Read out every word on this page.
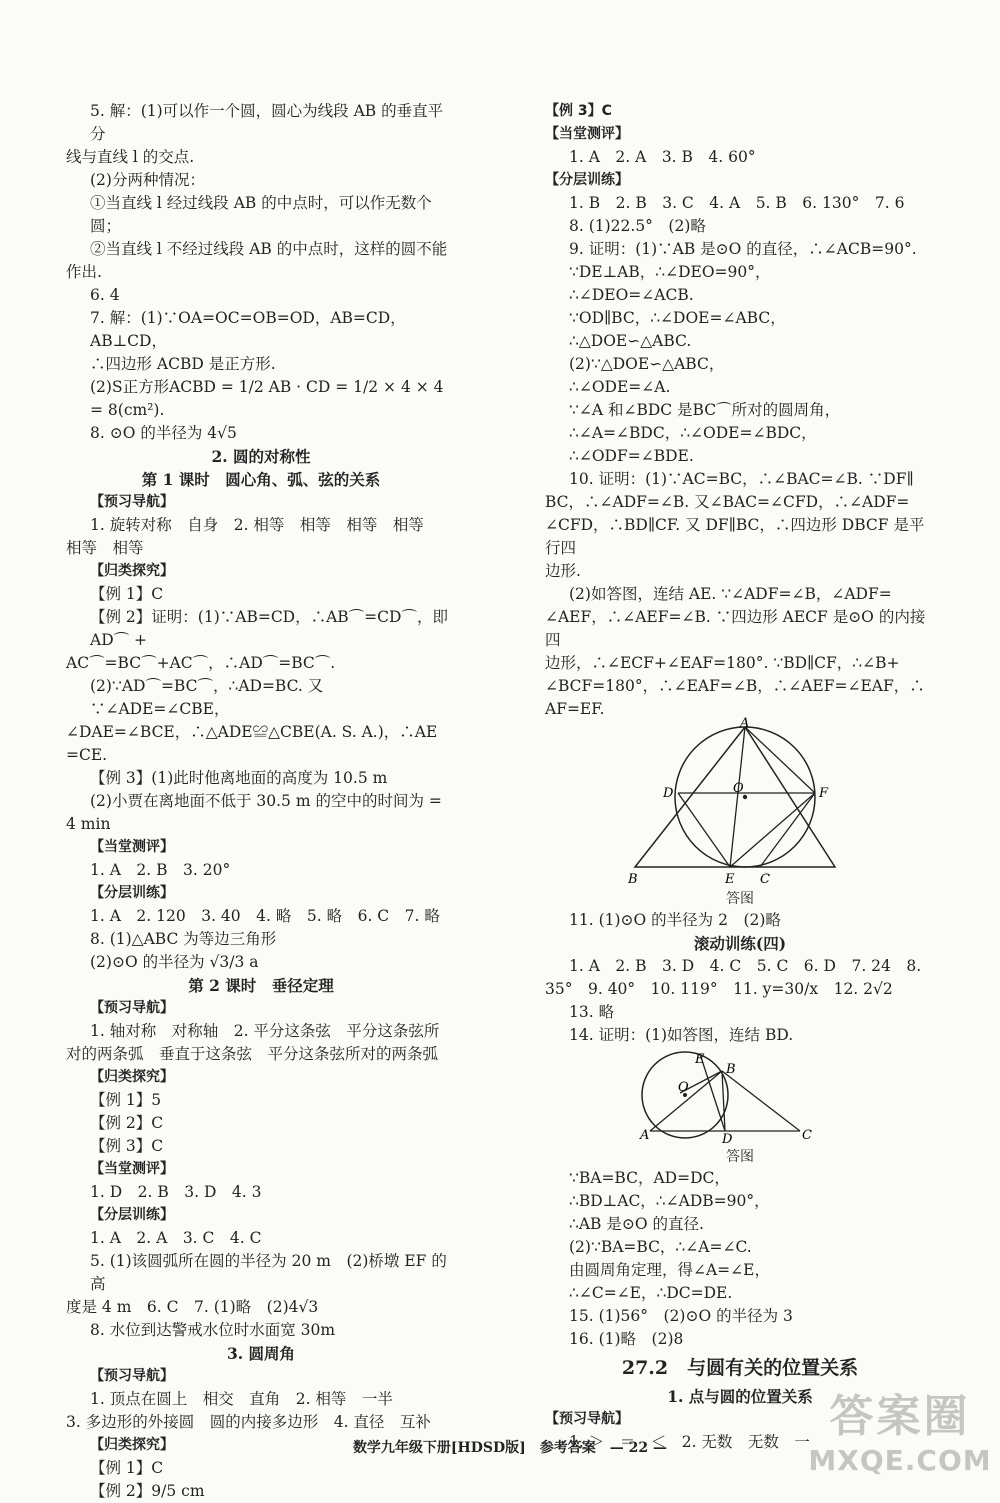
5. 解：(1)可以作一个圆，圆心为线段 AB 的垂直平分
线与直线 l 的交点.
(2)分两种情况：
①当直线 l 经过线段 AB 的中点时，可以作无数个圆；
②当直线 l 不经过线段 AB 的中点时，这样的圆不能
作出.
6. 4
7. 解：(1)∵OA=OC=OB=OD，AB=CD，AB⊥CD，
∴四边形 ACBD 是正方形.
(2)S正方形ACBD = 1/2 AB · CD = 1/2 × 4 × 4 = 8(cm²).
8. ⊙O 的半径为 4√5
2. 圆的对称性
第 1 课时　圆心角、弧、弦的关系
【预习导航】
1. 旋转对称　自身　2. 相等　相等　相等　相等
相等　相等
【归类探究】
【例 1】C
【例 2】证明：(1)∵AB=CD，∴AB⌒=CD⌒，即AD⌒ +
AC⌒=BC⌒+AC⌒，∴AD⌒=BC⌒.
(2)∵AD⌒=BC⌒，∴AD=BC. 又∵∠ADE=∠CBE，
∠DAE=∠BCE，∴△ADE≌△CBE(A. S. A.)，∴AE
=CE.
【例 3】(1)此时他离地面的高度为 10.5 m
(2)小贾在离地面不低于 30.5 m 的空中的时间为 =
4 min
【当堂测评】
1. A　2. B　3. 20°
【分层训练】
1. A　2. 120　3. 40　4. 略　5. 略　6. C　7. 略
8. (1)△ABC 为等边三角形
(2)⊙O 的半径为 √3/3 a
第 2 课时　垂径定理
【预习导航】
1. 轴对称　对称轴　2. 平分这条弦　平分这条弦所
对的两条弧　垂直于这条弦　平分这条弦所对的两条弧
【归类探究】
【例 1】5
【例 2】C
【例 3】C
【当堂测评】
1. D　2. B　3. D　4. 3
【分层训练】
1. A　2. A　3. C　4. C
5. (1)该圆弧所在圆的半径为 20 m　(2)桥墩 EF 的高
度是 4 m　6. C　7. (1)略　(2)4√3
8. 水位到达警戒水位时水面宽 30m
3. 圆周角
【预习导航】
1. 顶点在圆上　相交　直角　2. 相等　一半
3. 多边形的外接圆　圆的内接多边形　4. 直径　互补
【归类探究】
【例 1】C
【例 2】9/5 cm
【例 3】C
【当堂测评】
1. A　2. A　3. B　4. 60°
【分层训练】
1. B　2. B　3. C　4. A　5. B　6. 130°　7. 6
8. (1)22.5°　(2)略
9. 证明：(1)∵AB 是⊙O 的直径，∴∠ACB=90°.
∵DE⊥AB，∴∠DEO=90°，
∴∠DEO=∠ACB.
∵OD∥BC，∴∠DOE=∠ABC，
∴△DOE∽△ABC.
(2)∵△DOE∽△ABC，
∴∠ODE=∠A.
∵∠A 和∠BDC 是BC⌒所对的圆周角，
∴∠A=∠BDC，∴∠ODE=∠BDC，
∴∠ODF=∠BDE.
10. 证明：(1)∵AC=BC，∴∠BAC=∠B. ∵DF∥
BC，∴∠ADF=∠B. 又∠BAC=∠CFD，∴∠ADF=
∠CFD，∴BD∥CF. 又 DF∥BC，∴四边形 DBCF 是平行四
边形.
(2)如答图，连结 AE. ∵∠ADF=∠B，∠ADF=
∠AEF，∴∠AEF=∠B. ∵四边形 AECF 是⊙O 的内接四
边形，∴∠ECF+∠EAF=180°. ∵BD∥CF，∴∠B+
∠BCF=180°，∴∠EAF=∠B，∴∠AEF=∠EAF，∴
AF=EF.
A
O
D	F
B	E C
答图
11. (1)⊙O 的半径为 2　(2)略
滚动训练(四)
1. A　2. B　3. D　4. C　5. C　6. D　7. 24　8.
35°　9. 40°　10. 119°　11. y=30/x　12. 2√2
13. 略
14. 证明：(1)如答图，连结 BD.
E
B
O
A	D	C
答图
∵BA=BC，AD=DC，
∴BD⊥AC，∴∠ADB=90°，
∴AB 是⊙O 的直径.
(2)∵BA=BC，∴∠A=∠C.
由圆周角定理，得∠A=∠E，
∴∠C=∠E，∴DC=DE.
15. (1)56°　(2)⊙O 的半径为 3
16. (1)略　(2)8
27.2　与圆有关的位置关系
1. 点与圆的位置关系
【预习导航】
1. ＞　＝　＜　2. 无数　无数　一
数学九年级下册[HDSD版]　参考答案　— 22 —
答案圈
MXQE.COM
